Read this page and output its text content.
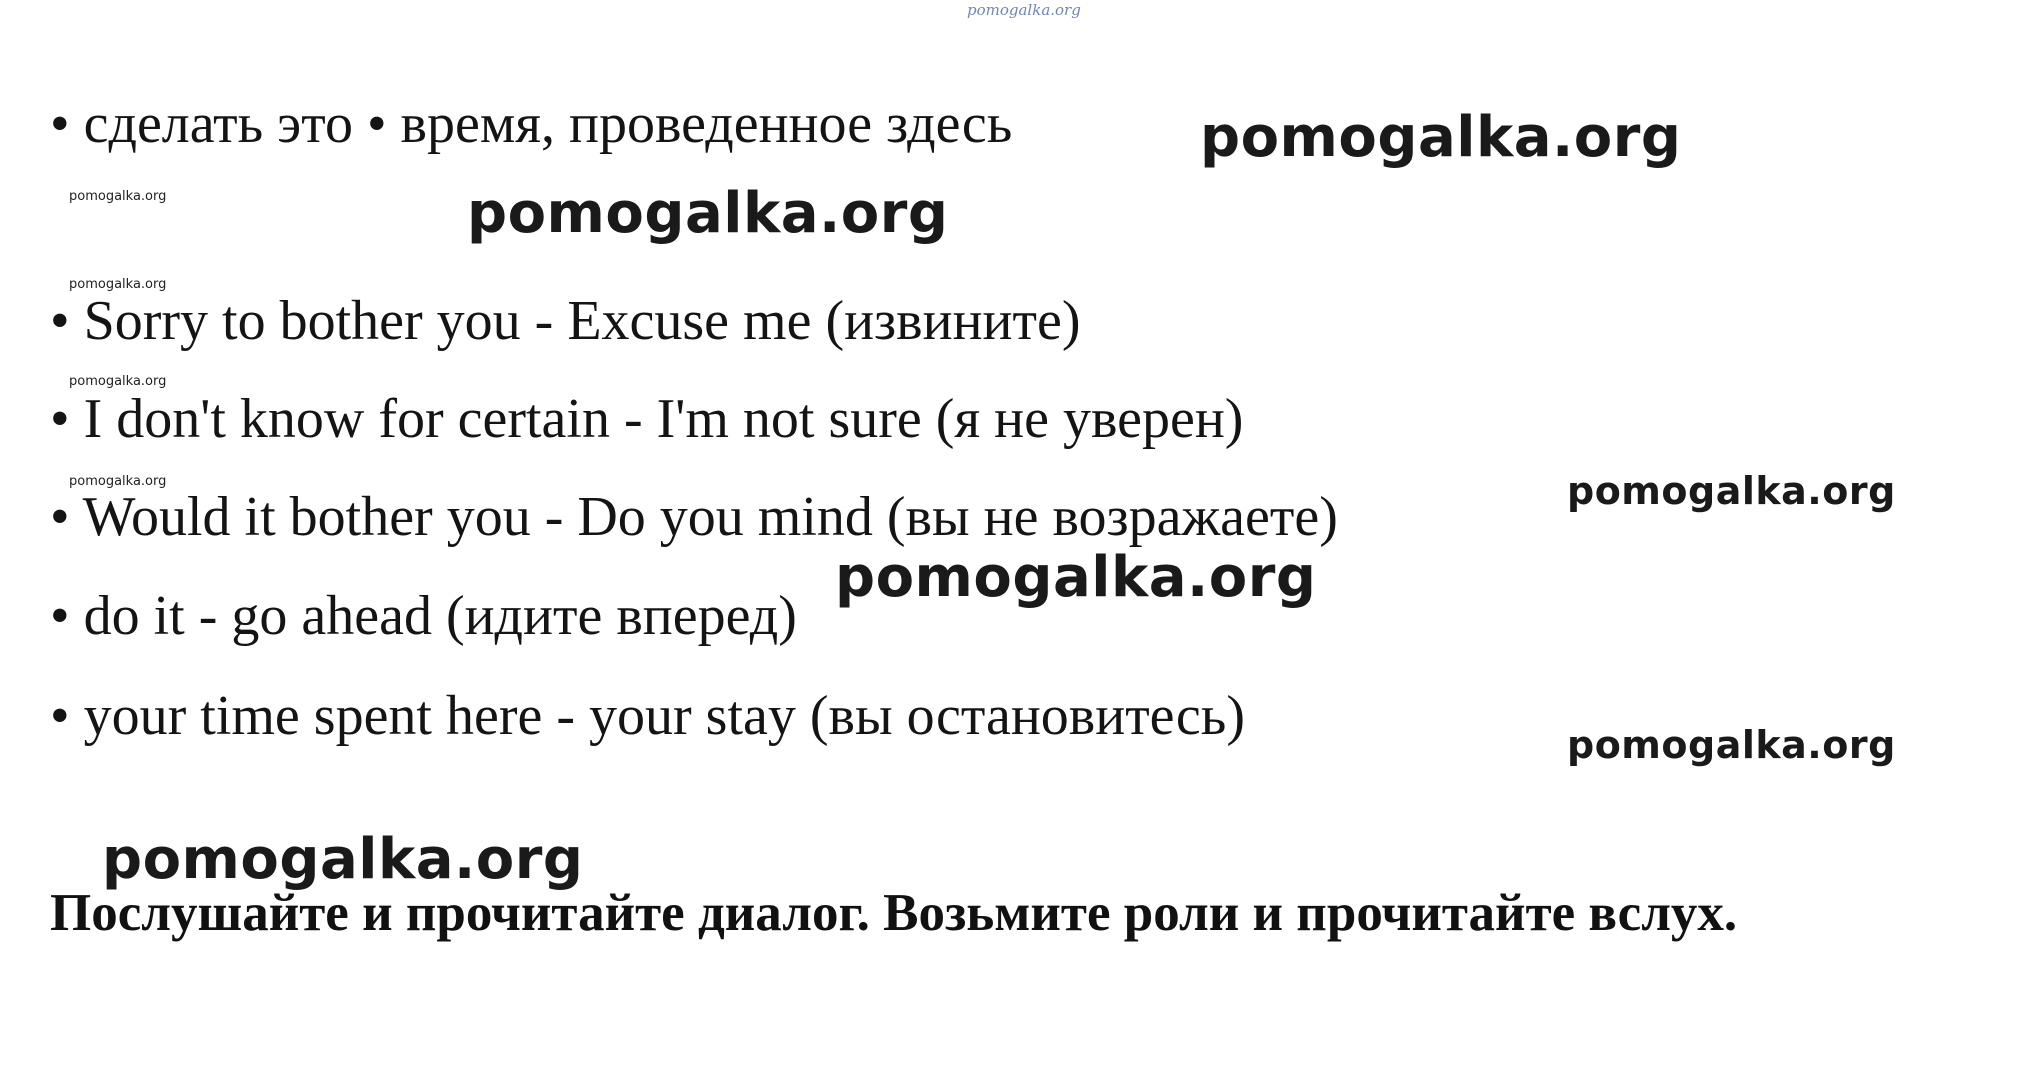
pomogalka.org
• сделать это • время, проведенное здесь
• Sorry to bother you - Excuse me (извините)
• I don't know for certain - I'm not sure (я не уверен)
• Would it bother you - Do you mind (вы не возражаете)
• do it - go ahead (идите вперед)
• your time spent here - your stay (вы остановитесь)
Послушайте и прочитайте диалог. Возьмите роли и прочитайте вслух.
pomogalka.org
pomogalka.org
pomogalka.org
pomogalka.org
pomogalka.org
pomogalka.org
pomogalka.org
pomogalka.org
pomogalka.org
pomogalka.org
